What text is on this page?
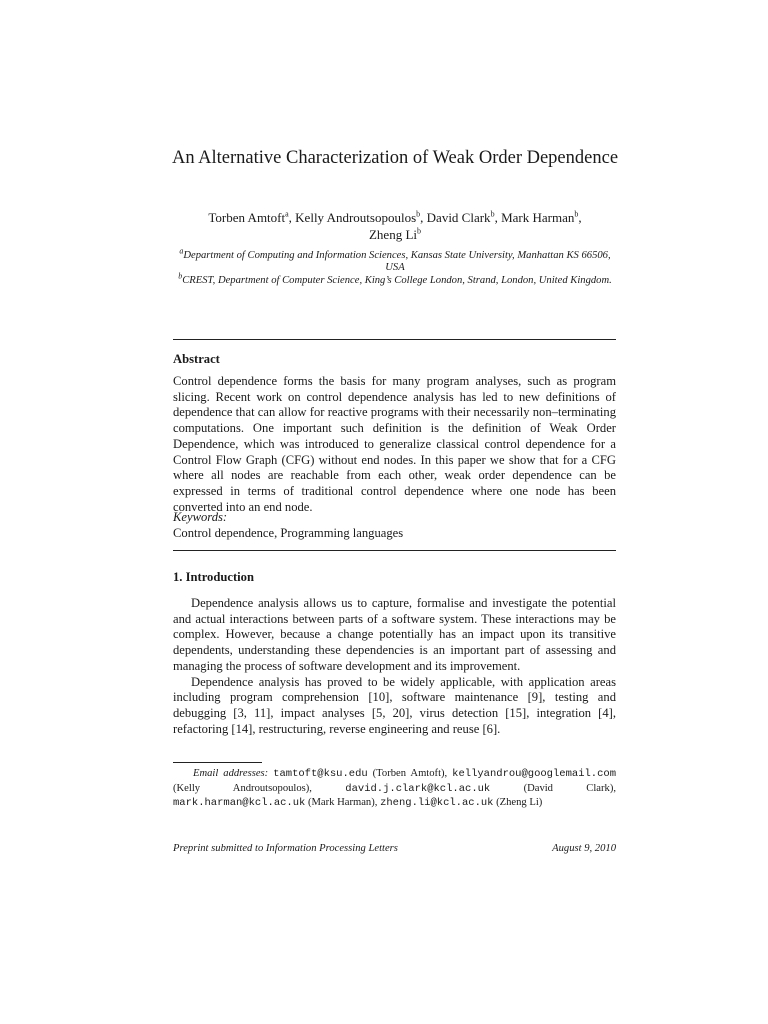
An Alternative Characterization of Weak Order Dependence
Torben Amtoft$^a$, Kelly Androutsopoulos$^b$, David Clark$^b$, Mark Harman$^b$,
Zheng Li$^b$
$^a$Department of Computing and Information Sciences, Kansas State University, Manhattan KS 66506, USA
$^b$CREST, Department of Computer Science, King’s College London, Strand, London, United Kingdom.
Abstract
Control dependence forms the basis for many program analyses, such as program slicing. Recent work on control dependence analysis has led to new definitions of dependence that can allow for reactive programs with their necessarily non–terminating computations. One important such definition is the definition of Weak Order Dependence, which was introduced to generalize classical control dependence for a Control Flow Graph (CFG) without end nodes. In this paper we show that for a CFG where all nodes are reachable from each other, weak order dependence can be expressed in terms of traditional control dependence where one node has been converted into an end node.
Keywords:
Control dependence, Programming languages
1. Introduction

Dependence analysis allows us to capture, formalise and investigate the potential and actual interactions between parts of a software system. These interactions may be complex. However, because a change potentially has an impact upon its transitive dependents, understanding these dependencies is an important part of assessing and managing the process of software development and its improvement.

Dependence analysis has proved to be widely applicable, with application areas including program comprehension [10], software maintenance [9], testing and debugging [3, 11], impact analyses [5, 20], virus detection [15], integration [4], refactoring [14], restructuring, reverse engineering and reuse [6].

Email addresses: tamtoft@ksu.edu (Torben Amtoft), kellyandrou@googlemail.com (Kelly Androutsopoulos),	david.j.clark@kcl.ac.uk	(David Clark), mark.harman@kcl.ac.uk (Mark Harman), zheng.li@kcl.ac.uk (Zheng Li)
Preprint submitted to Information Processing Letters	August 9, 2010
